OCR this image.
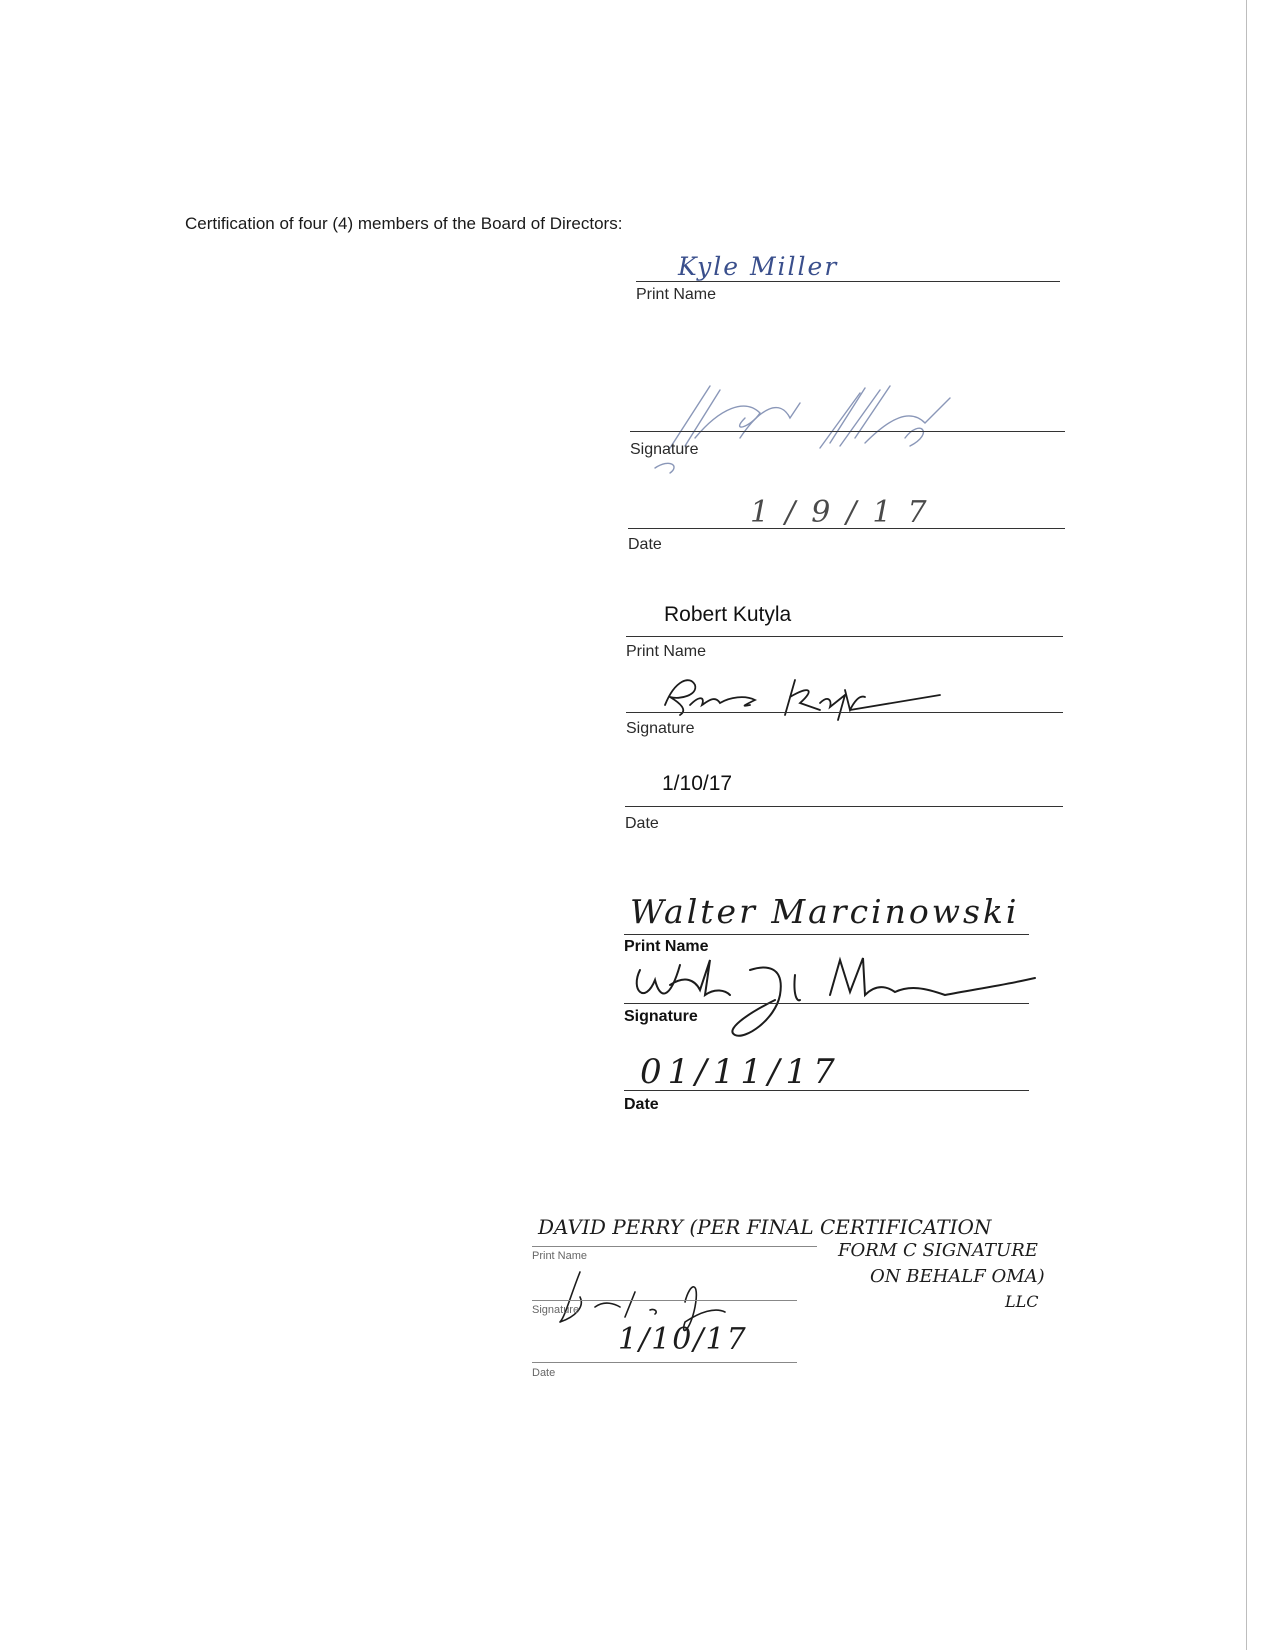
Certification of four (4) members of the Board of Directors:
Kyle Miller
Print Name
Signature
1/9/17
Date
Robert Kutyla
Print Name
Signature
1/10/17
Date
Walter Marcinowski
Print Name
Signature
01/11/17
Date
DAVID PERRY (PER FINAL CERTIFICATION
Print Name	FORM C SIGNATURE
ON BEHALF OMA)
LLC
Signature
1/10/17
Date
